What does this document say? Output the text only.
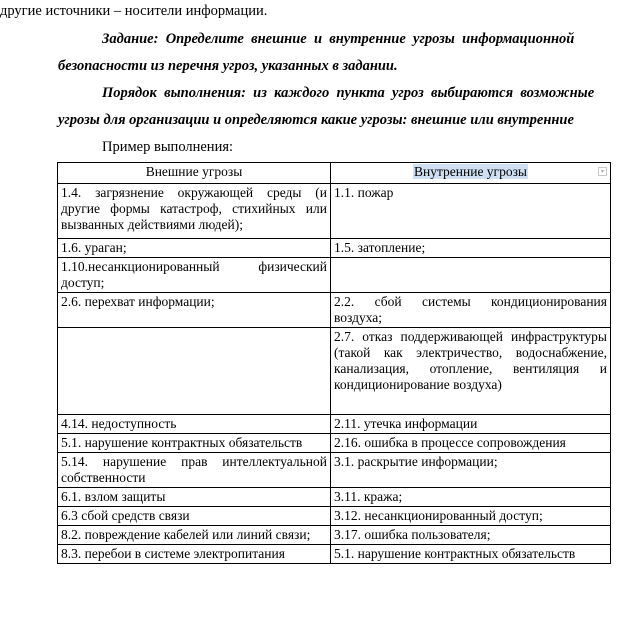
другие источники – носители информации.
Задание:  Определите  внешние  и  внутренние  угрозы  информационной
безопасности из перечня угроз, указанных в задании.
Порядок  выполнения:  из  каждого  пункта  угроз  выбираются  возможные
угрозы для организации и определяются какие угрозы: внешние или внутренние
Пример выполнения:
Внешние угрозы	Внутренние угрозы ▾

1.4. загрязнение окружающей среды (и другие формы катастроф, стихийных или вызванных действиями людей);	1.1. пожар
1.6. ураган;	1.5. затопление;
1.10.несанкционированный физический доступ;	
2.6. перехват информации;	2.2. сбой системы кондиционирования воздуха;
	2.7. отказ поддерживающей инфраструктуры (такой как электричество, водоснабжение, канализация, отопление, вентиляция и кондиционирование воздуха)
4.14. недоступность	2.11. утечка информации
5.1. нарушение контрактных обязательств	2.16. ошибка в процессе сопровождения
5.14. нарушение прав интеллектуальной собственности	3.1. раскрытие информации;
6.1. взлом защиты	3.11. кража;
6.3 сбой средств связи	3.12. несанкционированный доступ;
8.2. повреждение кабелей или линий связи;	3.17. ошибка пользователя;
8.3. перебои в системе электропитания	5.1. нарушение контрактных обязательств
